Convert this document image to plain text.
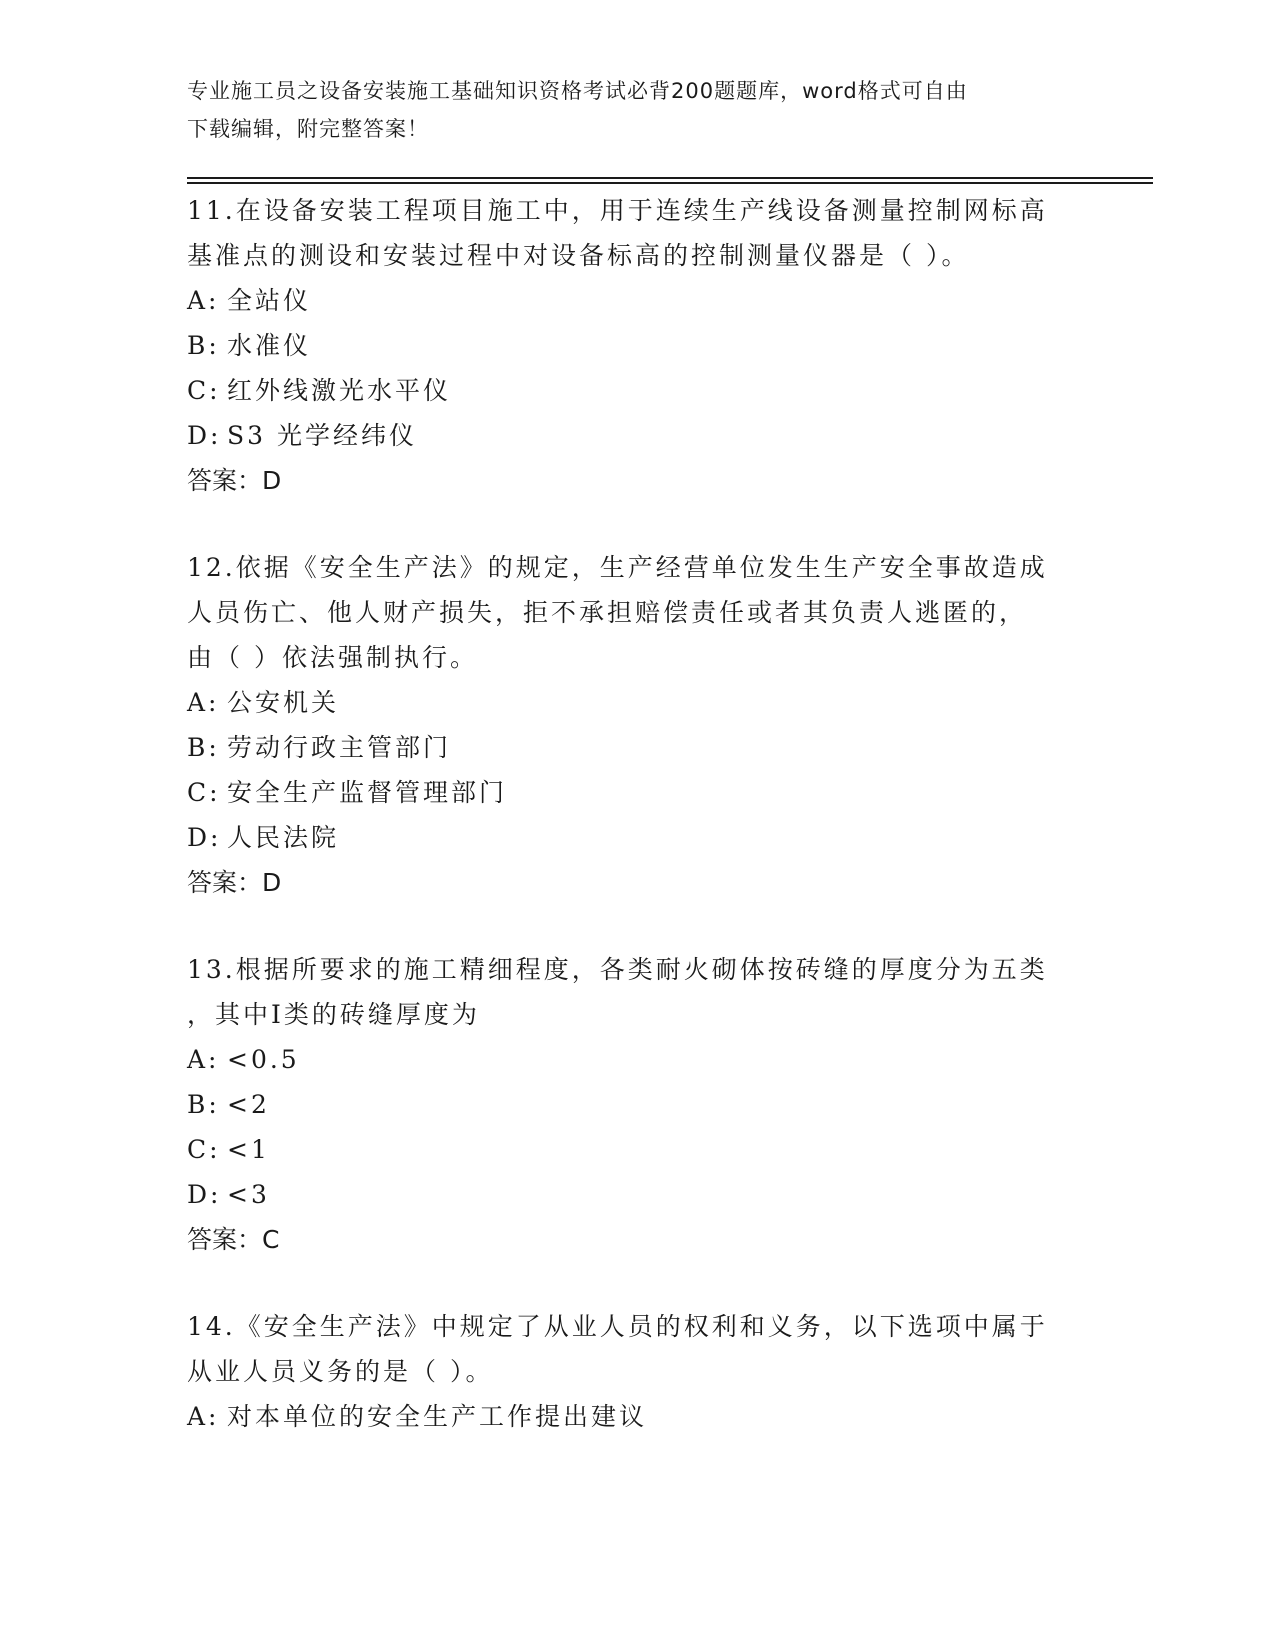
专业施工员之设备安装施工基础知识资格考试必背200题题库，word格式可自由
下载编辑，附完整答案！

11.在设备安装工程项目施工中，用于连续生产线设备测量控制网标高

基准点的测设和安装过程中对设备标高的控制测量仪器是（ ）。

A: 全站仪

B: 水准仪

C: 红外线激光水平仪

D: S3 光学经纬仪

答案：D

12.依据《安全生产法》的规定，生产经营单位发生生产安全事故造成

人员伤亡、他人财产损失，拒不承担赔偿责任或者其负责人逃匿的，

由（ ）依法强制执行。

A: 公安机关

B: 劳动行政主管部门

C: 安全生产监督管理部门

D: 人民法院

答案：D

13.根据所要求的施工精细程度，各类耐火砌体按砖缝的厚度分为五类

，其中Ⅰ类的砖缝厚度为

A: <0.5

B: <2

C: <1

D: <3

答案：C

14.《安全生产法》中规定了从业人员的权利和义务，以下选项中属于

从业人员义务的是（ ）。

A: 对本单位的安全生产工作提出建议
